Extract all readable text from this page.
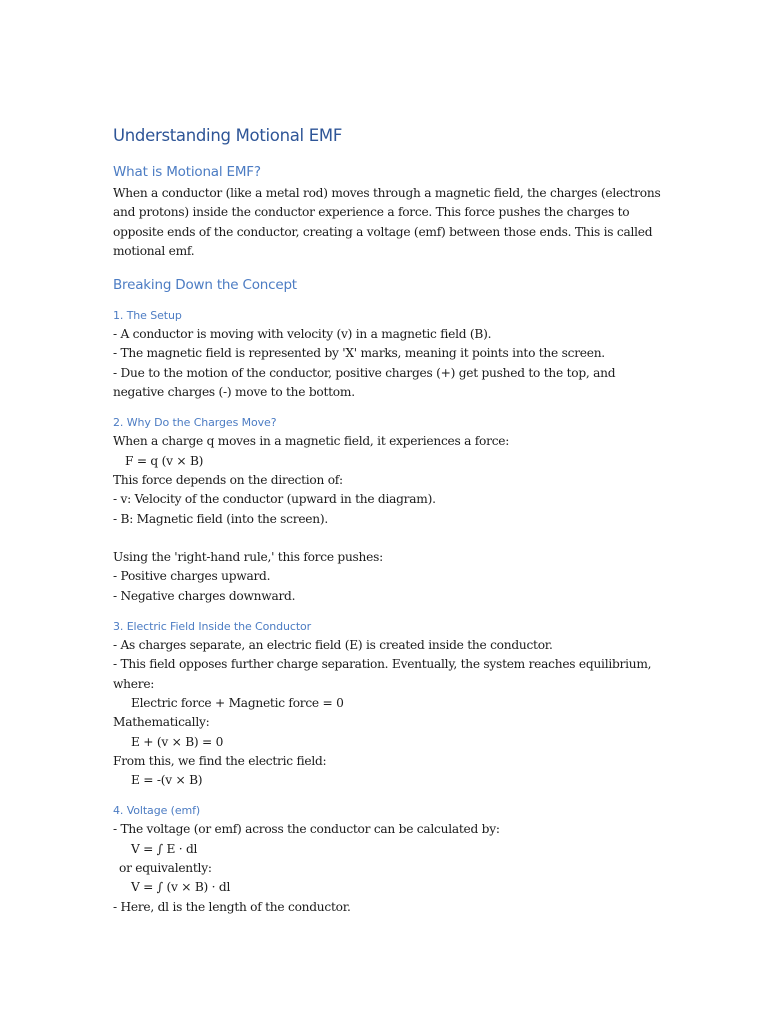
Understanding Motional EMF
What is Motional EMF?

When a conductor (like a metal rod) moves through a magnetic field, the charges (electrons

and protons) inside the conductor experience a force. This force pushes the charges to

opposite ends of the conductor, creating a voltage (emf) between those ends. This is called

motional emf.

Breaking Down the Concept
1. The Setup

- A conductor is moving with velocity (v) in a magnetic field (B).

- The magnetic field is represented by 'X' marks, meaning it points into the screen.

- Due to the motion of the conductor, positive charges (+) get pushed to the top, and

negative charges (-) move to the bottom.

2. Why Do the Charges Move?

When a charge q moves in a magnetic field, it experiences a force:

F = q (v × B)

This force depends on the direction of:

- v: Velocity of the conductor (upward in the diagram).

- B: Magnetic field (into the screen).

Using the 'right-hand rule,' this force pushes:

- Positive charges upward.

- Negative charges downward.

3. Electric Field Inside the Conductor

- As charges separate, an electric field (E) is created inside the conductor.

- This field opposes further charge separation. Eventually, the system reaches equilibrium,

where:

Electric force + Magnetic force = 0

Mathematically:

E + (v × B) = 0

From this, we find the electric field:

E = -(v × B)

4. Voltage (emf)

- The voltage (or emf) across the conductor can be calculated by:

V = ∫ E · dl

or equivalently:

V = ∫ (v × B) · dl

- Here, dl is the length of the conductor.
